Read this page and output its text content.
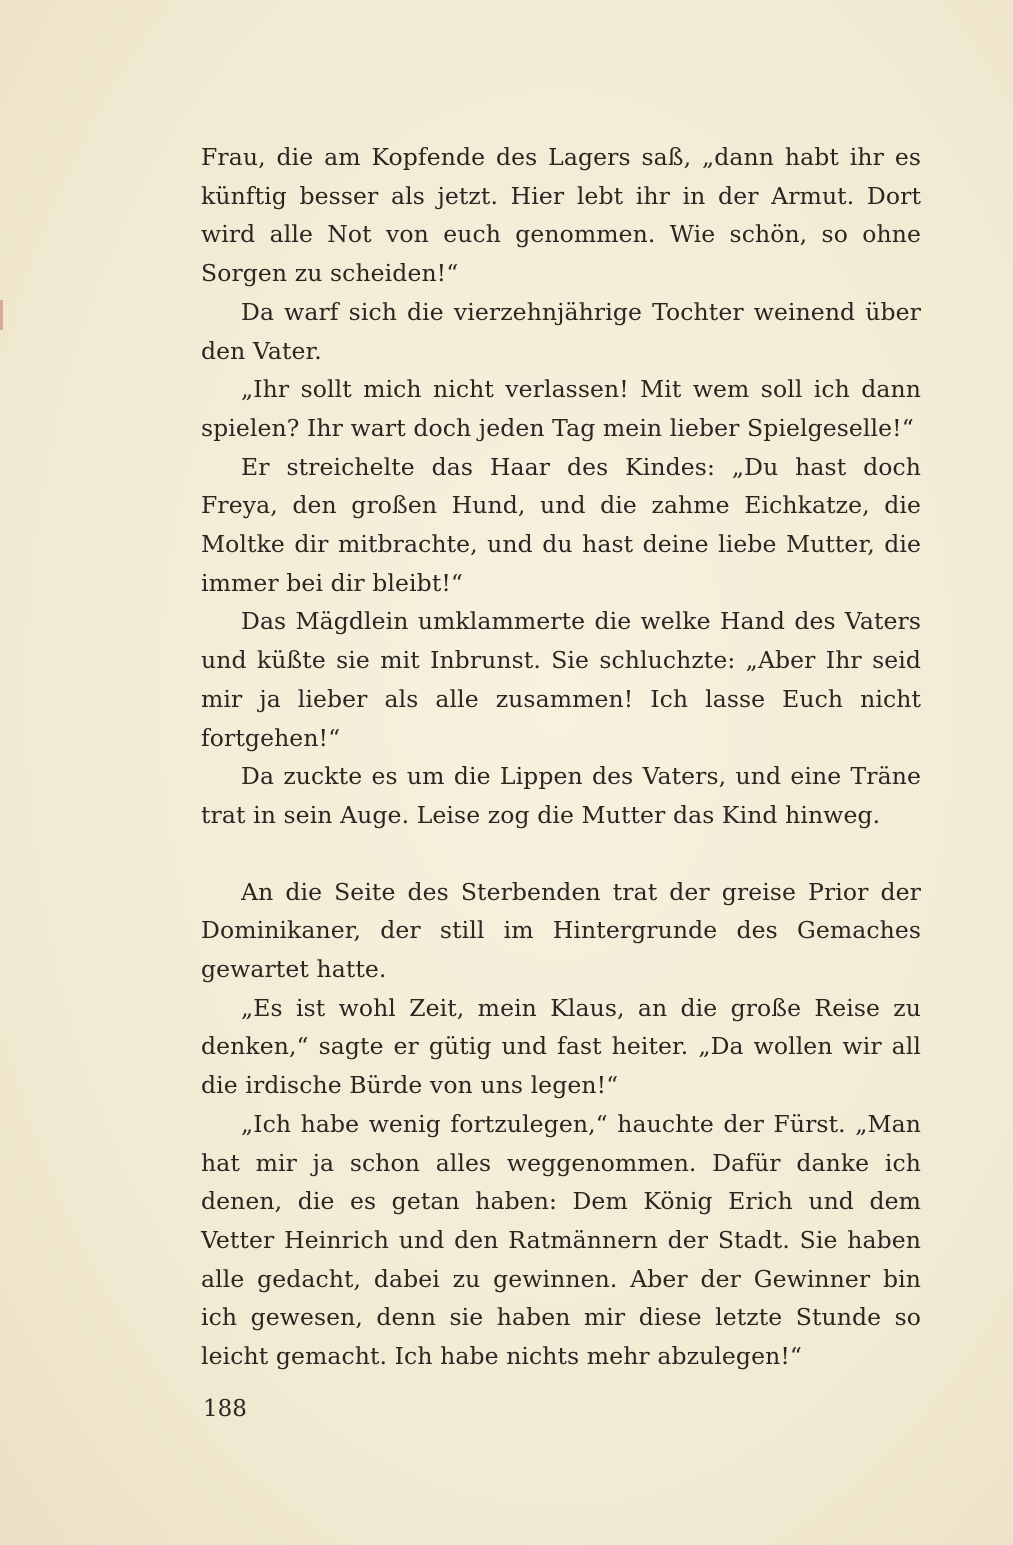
Frau, die am Kopfende des Lagers saß, „dann habt ihr es künftig besser als jetzt. Hier lebt ihr in der Armut. Dort wird alle Not von euch genommen. Wie schön, so ohne Sorgen zu scheiden!“

Da warf sich die vierzehnjährige Tochter weinend über den Vater.

„Ihr sollt mich nicht verlassen! Mit wem soll ich dann spielen? Ihr wart doch jeden Tag mein lieber Spielgeselle!“

Er streichelte das Haar des Kindes: „Du hast doch Freya, den großen Hund, und die zahme Eichkatze, die Moltke dir mitbrachte, und du hast deine liebe Mutter, die immer bei dir bleibt!“

Das Mägdlein umklammerte die welke Hand des Vaters und küßte sie mit Inbrunst. Sie schluchzte: „Aber Ihr seid mir ja lieber als alle zusammen! Ich lasse Euch nicht fortgehen!“

Da zuckte es um die Lippen des Vaters, und eine Träne trat in sein Auge. Leise zog die Mutter das Kind hinweg.

An die Seite des Sterbenden trat der greise Prior der Dominikaner, der still im Hintergrunde des Gemaches gewartet hatte.

„Es ist wohl Zeit, mein Klaus, an die große Reise zu denken,“ sagte er gütig und fast heiter. „Da wollen wir all die irdische Bürde von uns legen!“

„Ich habe wenig fortzulegen,“ hauchte der Fürst. „Man hat mir ja schon alles weggenommen. Dafür danke ich denen, die es getan haben: Dem König Erich und dem Vetter Heinrich und den Ratmännern der Stadt. Sie haben alle gedacht, dabei zu gewinnen. Aber der Gewinner bin ich gewesen, denn sie haben mir diese letzte Stunde so leicht gemacht. Ich habe nichts mehr abzulegen!“

188
